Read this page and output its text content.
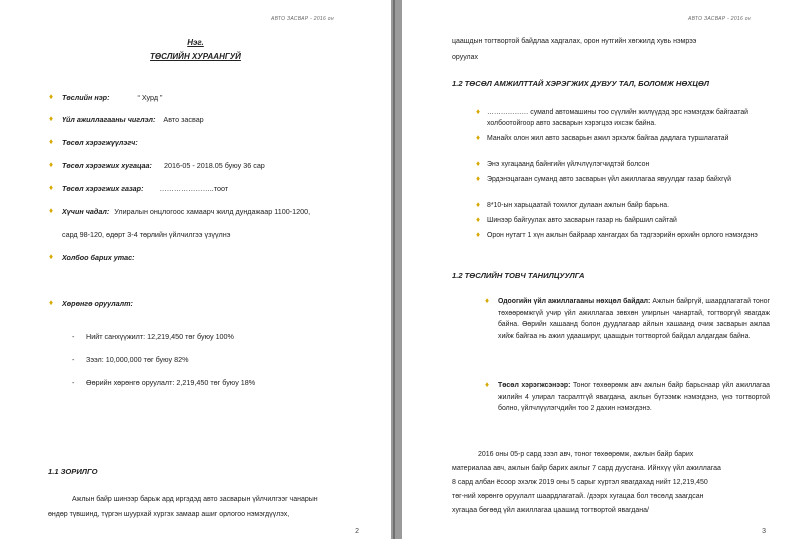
АВТО ЗАСВАР - 2016 он
Нэг.
ТӨСЛИЙН ХУРААНГУЙ
♦ Төслийн нэр:	“ Хурд ”
♦ Үйл ажиллагааны чиглэл: Авто засвар
♦ Төсөл хэрэгжүүлэгч:
♦ Төсөл хэрэгжих хугацаа: 2016-05 - 2018.05 буюу 36 сар
♦ Төсөл хэрэгжих газар: …………………..тоот
♦ Хүчин чадал: Улиралын онцлогоос хамаарч жилд дундажаар 1100-1200,
сард 98-120, өдөрт 3-4 төрлийн үйлчилгээ үзүүлнэ
♦ Холбоо барих утас:
♦ Хөрөнгө оруулалт:
- Нийт санхүүжилт: 12,219,450 төг буюу 100%
- Зээл: 10,000,000 төг буюу 82%
- Өөрийн хөрөнгө оруулалт: 2,219,450 төг буюу 18%
1.1 ЗОРИЛГО
Ажлын байр шинээр барьж ард иргэдэд авто засварын үйлчилгээг чанарын
өндөр түвшинд, түргэн шуурхай хүргэх замаар ашиг орлогоо нэмэгдүүлэх,
2
АВТО ЗАСВАР - 2016 он
цаашдын тогтвортой байдлаа хадгалах, орон нутгийн хөгжилд хувь нэмрээ
оруулах
1.2 ТӨСӨЛ АМЖИЛТТАЙ ХЭРЭГЖИХ ДУВУУ ТАЛ, БОЛОМЖ НӨХЦӨЛ
♦ ……………… сумand автомашины тоо сүүлийн жилүүдэд эрс нэмэгдэж байгаатай холбоотойгоор авто засварын хэрэгцээ ихсэж байна.
♦ Манайх олон жил авто засварын ажил эрхэлж байгаа дадлага туршлагатай
♦ Энэ хугацаанд байнгийн үйлчлүүлэгчидтэй болсон
♦ Эрдэнэцагаан суманд авто засварын үйл ажиллагаа явуулдаг газар байхгүй
♦ 8*10-ын харьцаатай тохилог дулаан ажлын байр барьна.
♦ Шинээр байгуулах авто засварын газар нь байршил сайтай
♦ Орон нутагт 1 хүн ажлын байраар хангагдах ба тэдгээрийн өрхийн орлого нэмэгдэнэ
1.2 ТӨСЛИЙН ТОВЧ ТАНИЛЦУУЛГА
♦ Одоогийн үйл ажиллагааны нөхцөл байдал: Ажлын байргүй, шаардлагатай тоног төхөөрөмжгүй учир үйл ажиллагаа зөвхөн улирлын чанартай, тогтворгүй явагдаж байна. Өөрийн хашаанд болон дуудлагаар айлын хашаанд очиж засварын ажлаа хийж байгаа нь ажил удаашируг, цаашдын тогтвортой байдал алдагдаж байна.
♦ Төсөл хэрэгжсэнээр: Тоног төхөөрөмж авч ажлын байр барьснаар үйл ажиллагаа жилийн 4 улирал тасралтгүй явагдана, ажлын бүтээмж нэмэгдэнэ, үнэ тогтвортой болно, үйлчлүүлэгчдийн тоо 2 дахин нэмэгдэнэ.
2016 оны 05-р сард зээл авч, тоног төхөөрөмж, ажлын байр барих
материалаа авч, ажлын байр барих ажлыг 7 сард дуусгана. Ийнхүү үйл ажиллагаа
8 сард албан ёсоор эхэлж 2019 оны 5 сарыг хүртэл явагдахад нийт 12,219,450
төг-ний хөрөнгө оруулалт шаардлагатай. /дээрх хугацаа бол төсөлд заагдсан
хугацаа бөгөөд үйл ажиллагаа цаашид тогтвортой явагдана/
3
